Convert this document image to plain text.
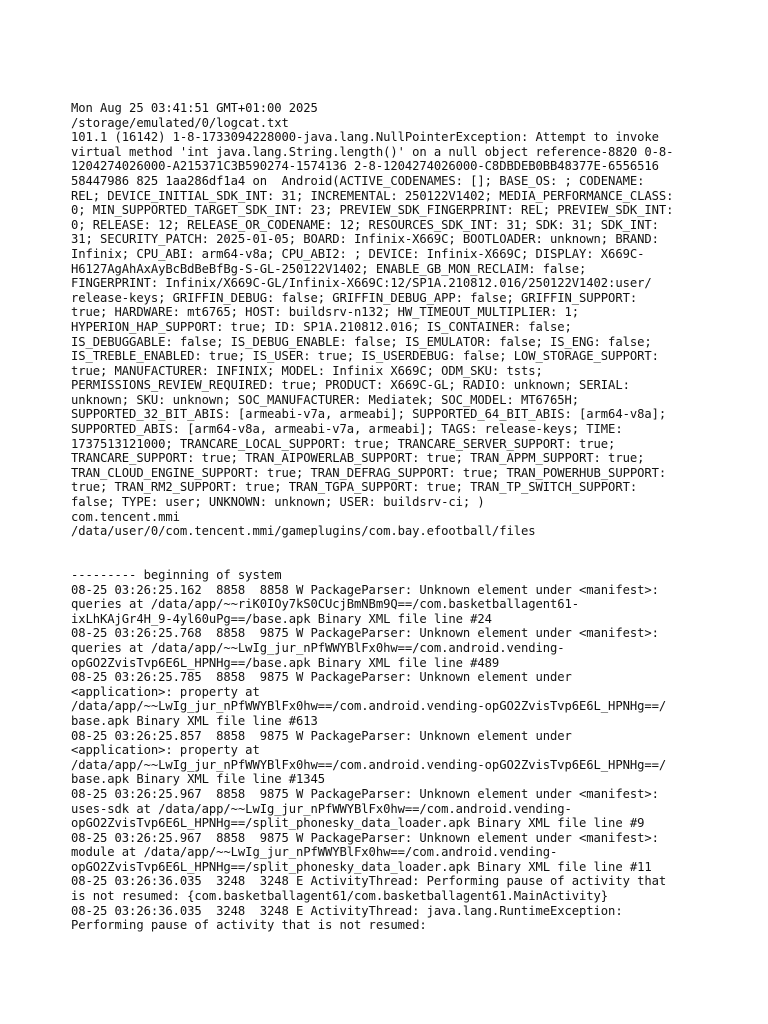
Mon Aug 25 03:41:51 GMT+01:00 2025
/storage/emulated/0/logcat.txt
101.1 (16142) 1-8-1733094228000-java.lang.NullPointerException: Attempt to invoke
virtual method 'int java.lang.String.length()' on a null object reference-8820 0-8-
1204274026000-A215371C3B590274-1574136 2-8-1204274026000-C8DBDEB0BB48377E-6556516
58447986 825 1aa286df1a4 on  Android(ACTIVE_CODENAMES: []; BASE_OS: ; CODENAME:
REL; DEVICE_INITIAL_SDK_INT: 31; INCREMENTAL: 250122V1402; MEDIA_PERFORMANCE_CLASS:
0; MIN_SUPPORTED_TARGET_SDK_INT: 23; PREVIEW_SDK_FINGERPRINT: REL; PREVIEW_SDK_INT:
0; RELEASE: 12; RELEASE_OR_CODENAME: 12; RESOURCES_SDK_INT: 31; SDK: 31; SDK_INT:
31; SECURITY_PATCH: 2025-01-05; BOARD: Infinix-X669C; BOOTLOADER: unknown; BRAND:
Infinix; CPU_ABI: arm64-v8a; CPU_ABI2: ; DEVICE: Infinix-X669C; DISPLAY: X669C-
H6127AgAhAxAyBcBdBeBfBg-S-GL-250122V1402; ENABLE_GB_MON_RECLAIM: false;
FINGERPRINT: Infinix/X669C-GL/Infinix-X669C:12/SP1A.210812.016/250122V1402:user/
release-keys; GRIFFIN_DEBUG: false; GRIFFIN_DEBUG_APP: false; GRIFFIN_SUPPORT:
true; HARDWARE: mt6765; HOST: buildsrv-n132; HW_TIMEOUT_MULTIPLIER: 1;
HYPERION_HAP_SUPPORT: true; ID: SP1A.210812.016; IS_CONTAINER: false;
IS_DEBUGGABLE: false; IS_DEBUG_ENABLE: false; IS_EMULATOR: false; IS_ENG: false;
IS_TREBLE_ENABLED: true; IS_USER: true; IS_USERDEBUG: false; LOW_STORAGE_SUPPORT:
true; MANUFACTURER: INFINIX; MODEL: Infinix X669C; ODM_SKU: tsts;
PERMISSIONS_REVIEW_REQUIRED: true; PRODUCT: X669C-GL; RADIO: unknown; SERIAL:
unknown; SKU: unknown; SOC_MANUFACTURER: Mediatek; SOC_MODEL: MT6765H;
SUPPORTED_32_BIT_ABIS: [armeabi-v7a, armeabi]; SUPPORTED_64_BIT_ABIS: [arm64-v8a];
SUPPORTED_ABIS: [arm64-v8a, armeabi-v7a, armeabi]; TAGS: release-keys; TIME:
1737513121000; TRANCARE_LOCAL_SUPPORT: true; TRANCARE_SERVER_SUPPORT: true;
TRANCARE_SUPPORT: true; TRAN_AIPOWERLAB_SUPPORT: true; TRAN_APPM_SUPPORT: true;
TRAN_CLOUD_ENGINE_SUPPORT: true; TRAN_DEFRAG_SUPPORT: true; TRAN_POWERHUB_SUPPORT:
true; TRAN_RM2_SUPPORT: true; TRAN_TGPA_SUPPORT: true; TRAN_TP_SWITCH_SUPPORT:
false; TYPE: user; UNKNOWN: unknown; USER: buildsrv-ci; )
com.tencent.mmi
/data/user/0/com.tencent.mmi/gameplugins/com.bay.efootball/files
--------- beginning of system
08-25 03:26:25.162  8858  8858 W PackageParser: Unknown element under <manifest>:
queries at /data/app/~~riK0IOy7kS0CUcjBmNBm9Q==/com.basketballagent61-
ixLhKAjGr4H_9-4yl60uPg==/base.apk Binary XML file line #24
08-25 03:26:25.768  8858  9875 W PackageParser: Unknown element under <manifest>:
queries at /data/app/~~LwIg_jur_nPfWWYBlFx0hw==/com.android.vending-
opGO2ZvisTvp6E6L_HPNHg==/base.apk Binary XML file line #489
08-25 03:26:25.785  8858  9875 W PackageParser: Unknown element under
<application>: property at
/data/app/~~LwIg_jur_nPfWWYBlFx0hw==/com.android.vending-opGO2ZvisTvp6E6L_HPNHg==/
base.apk Binary XML file line #613
08-25 03:26:25.857  8858  9875 W PackageParser: Unknown element under
<application>: property at
/data/app/~~LwIg_jur_nPfWWYBlFx0hw==/com.android.vending-opGO2ZvisTvp6E6L_HPNHg==/
base.apk Binary XML file line #1345
08-25 03:26:25.967  8858  9875 W PackageParser: Unknown element under <manifest>:
uses-sdk at /data/app/~~LwIg_jur_nPfWWYBlFx0hw==/com.android.vending-
opGO2ZvisTvp6E6L_HPNHg==/split_phonesky_data_loader.apk Binary XML file line #9
08-25 03:26:25.967  8858  9875 W PackageParser: Unknown element under <manifest>:
module at /data/app/~~LwIg_jur_nPfWWYBlFx0hw==/com.android.vending-
opGO2ZvisTvp6E6L_HPNHg==/split_phonesky_data_loader.apk Binary XML file line #11
08-25 03:26:36.035  3248  3248 E ActivityThread: Performing pause of activity that
is not resumed: {com.basketballagent61/com.basketballagent61.MainActivity}
08-25 03:26:36.035  3248  3248 E ActivityThread: java.lang.RuntimeException:
Performing pause of activity that is not resumed:
